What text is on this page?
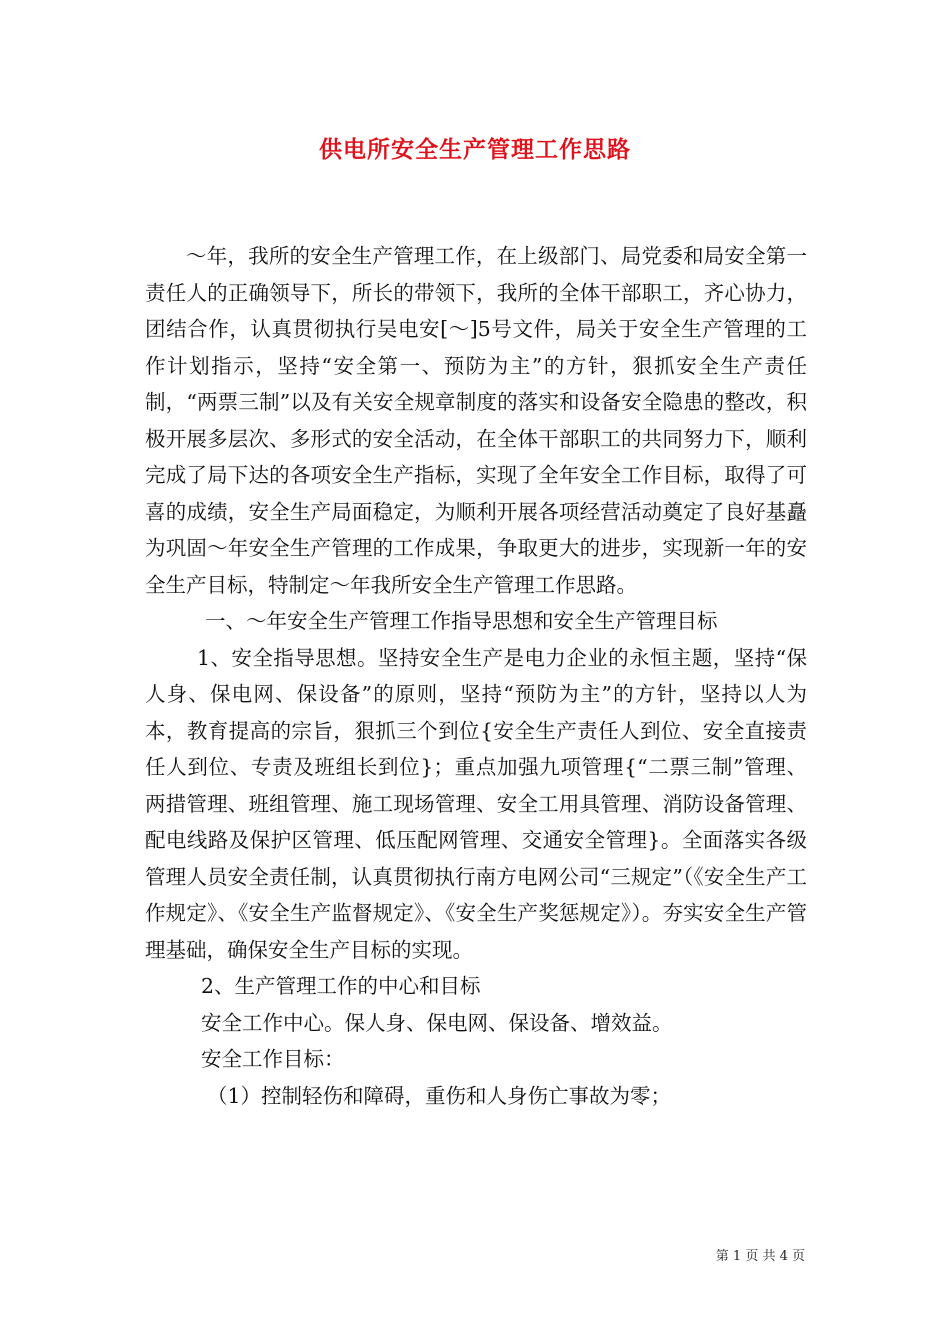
供电所安全生产管理工作思路

～年，我所的安全生产管理工作，在上级部门、局党委和局安全第一责任人的正确领导下，所长的带领下，我所的全体干部职工，齐心协力，团结合作，认真贯彻执行吴电安[～]5号文件，局关于安全生产管理的工作计划指示，坚持“安全第一、预防为主”的方针，狠抓安全生产责任制，“两票三制”以及有关安全规章制度的落实和设备安全隐患的整改，积极开展多层次、多形式的安全活动，在全体干部职工的共同努力下，顺利完成了局下达的各项安全生产指标，实现了全年安全工作目标，取得了可喜的成绩，安全生产局面稳定，为顺利开展各项经营活动奠定了良好基矗为巩固～年安全生产管理的工作成果，争取更大的进步，实现新一年的安全生产目标，特制定～年我所安全生产管理工作思路。

一、～年安全生产管理工作指导思想和安全生产管理目标

1、安全指导思想。坚持安全生产是电力企业的永恒主题，坚持“保人身、保电网、保设备”的原则，坚持“预防为主”的方针，坚持以人为本，教育提高的宗旨，狠抓三个到位{安全生产责任人到位、安全直接责任人到位、专责及班组长到位}；重点加强九项管理{“二票三制”管理、两措管理、班组管理、施工现场管理、安全工用具管理、消防设备管理、配电线路及保护区管理、低压配网管理、交通安全管理}。全面落实各级管理人员安全责任制，认真贯彻执行南方电网公司“三规定”（《安全生产工作规定》、《安全生产监督规定》、《安全生产奖惩规定》）。夯实安全生产管理基础，确保安全生产目标的实现。

2、生产管理工作的中心和目标

安全工作中心。保人身、保电网、保设备、增效益。

安全工作目标：

（1）控制轻伤和障碍，重伤和人身伤亡事故为零；

第 1 页 共 4 页
